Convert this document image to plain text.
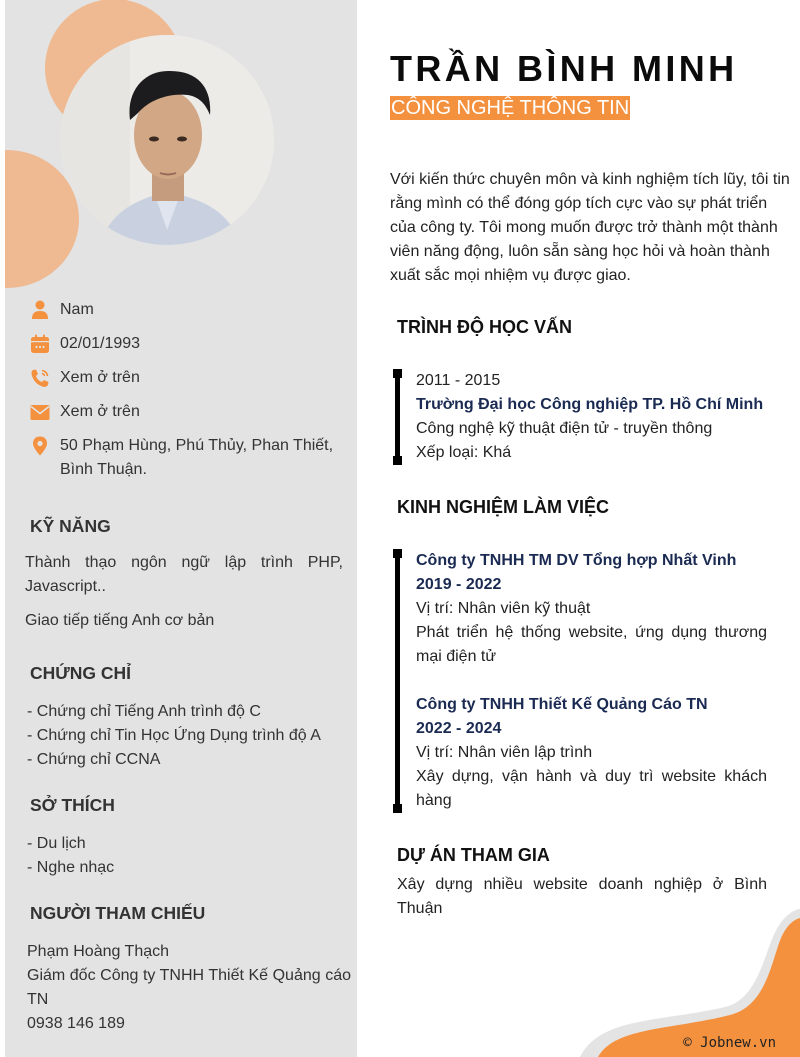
Nam
02/01/1993
Xem ở trên
Xem ở trên
50 Phạm Hùng, Phú Thủy, Phan Thiết, Bình Thuận.
KỸ NĂNG

Thành thạo ngôn ngữ lập trình PHP, Javascript..

Giao tiếp tiếng Anh cơ bản

CHỨNG CHỈ
- Chứng chỉ Tiếng Anh trình độ C
- Chứng chỉ Tin Học Ứng Dụng trình độ A
- Chứng chỉ CCNA
SỞ THÍCH
- Du lịch
- Nghe nhạc
NGƯỜI THAM CHIẾU
Phạm Hoàng Thạch
Giám đốc Công ty TNHH Thiết Kế Quảng cáo TN
0938 146 189
TRẦN BÌNH MINH
CÔNG NGHỆ THÔNG TIN

Với kiến thức chuyên môn và kinh nghiệm tích lũy, tôi tin rằng mình có thể đóng góp tích cực vào sự phát triển của công ty. Tôi mong muốn được trở thành một thành viên năng động, luôn sẵn sàng học hỏi và hoàn thành xuất sắc mọi nhiệm vụ được giao.

TRÌNH ĐỘ HỌC VẤN
2011 - 2015
Trường Đại học Công nghiệp TP. Hồ Chí Minh
Công nghệ kỹ thuật điện tử - truyền thông
Xếp loại: Khá
KINH NGHIỆM LÀM VIỆC
Công ty TNHH TM DV Tổng hợp Nhất Vinh
2019 - 2022
Vị trí: Nhân viên kỹ thuật
Phát triển hệ thống website, ứng dụng thương mại điện tử
Công ty TNHH Thiết Kế Quảng Cáo TN
2022 - 2024
Vị trí: Nhân viên lập trình
Xây dựng, vận hành và duy trì website khách hàng
DỰ ÁN THAM GIA

Xây dựng nhiều website doanh nghiệp ở Bình Thuận

© Jobnew.vn
